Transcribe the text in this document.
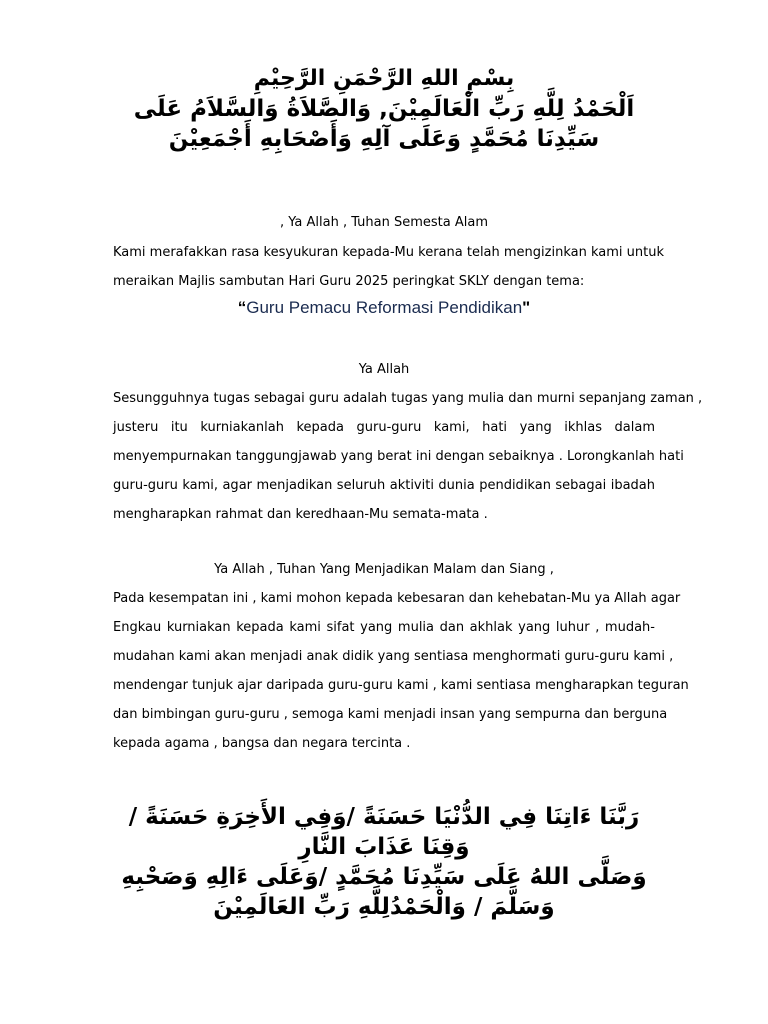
بِسْمِ اللهِ الرَّحْمَنِ الرَّحِيْمِ
اَلْحَمْدُ لِلَّهِ رَبِّ الْعَالَمِيْنَ, وَالصَّلاَةُ وَالسَّلاَمُ عَلَى
سَيِّدِنَا مُحَمَّدٍ وَعَلَى آلِهِ وَأَصْحَابِهِ أَجْمَعِيْنَ
, Ya Allah , Tuhan Semesta Alam
Kami merafakkan rasa kesyukuran kepada-Mu kerana telah mengizinkan kami untuk
meraikan Majlis sambutan Hari Guru 2025 peringkat SKLY dengan tema:
“Guru Pemacu Reformasi Pendidikan"
Ya Allah
Sesungguhnya tugas sebagai guru adalah tugas yang mulia dan murni sepanjang zaman ,
justeru itu kurniakanlah kepada guru-guru kami, hati yang ikhlas dalam
menyempurnakan tanggungjawab yang berat ini dengan sebaiknya . Lorongkanlah hati
guru-guru kami, agar menjadikan seluruh aktiviti dunia pendidikan sebagai ibadah
mengharapkan rahmat dan keredhaan-Mu semata-mata .
Ya Allah , Tuhan Yang Menjadikan Malam dan Siang ,
Pada kesempatan ini , kami mohon kepada kebesaran dan kehebatan-Mu ya Allah agar
Engkau kurniakan kepada kami sifat yang mulia dan akhlak yang luhur , mudah-
mudahan kami akan menjadi anak didik yang sentiasa menghormati guru-guru kami ,
mendengar tunjuk ajar daripada guru-guru kami , kami sentiasa mengharapkan teguran
dan bimbingan guru-guru , semoga kami menjadi insan yang sempurna dan berguna
kepada agama , bangsa dan negara tercinta .
رَبَّنَا ءَاتِنَا فِي الدُّنْيَا حَسَنَةً /وَفِي الأَخِرَةِ حَسَنَةً /
وَقِنَا عَذَابَ النَّارِ
وَصَلَّى اللهُ عَلَى سَيِّدِنَا مُحَمَّدٍ /وَعَلَى ءَالِهِ وَصَحْبِهِ
وَسَلَّمَ / وَالْحَمْدُلِلَّهِ رَبِّ العَالَمِيْنَ
